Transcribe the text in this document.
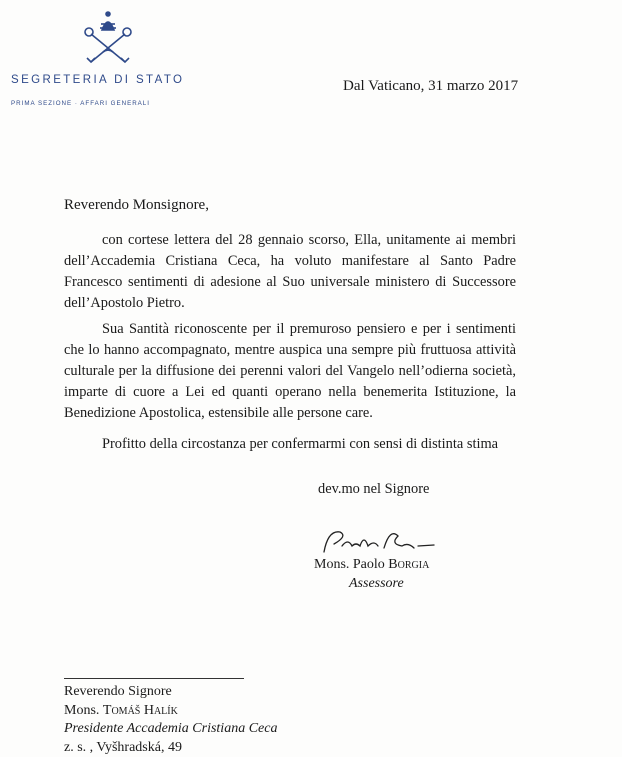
SEGRETERIA DI STATO
PRIMA SEZIONE · AFFARI GENERALI
Dal Vaticano, 31 marzo 2017
Reverendo Monsignore,

con cortese lettera del 28 gennaio scorso, Ella, unitamente ai membri dell’Accademia Cristiana Ceca, ha voluto manifestare al Santo Padre Francesco sentimenti di adesione al Suo universale ministero di Successore dell’Apostolo Pietro.

Sua Santità riconoscente per il premuroso pensiero e per i sentimenti che lo hanno accompagnato, mentre auspica una sempre più fruttuosa attività culturale per la diffusione dei perenni valori del Vangelo nell’odierna società, imparte di cuore a Lei ed quanti operano nella benemerita Istituzione, la Benedizione Apostolica, estensibile alle persone care.

Profitto della circostanza per confermarmi con sensi di distinta stima

dev.mo nel Signore
Mons. Paolo Borgia
Assessore
Reverendo Signore
Mons. Tomáš Halík
Presidente Accademia Cristiana Ceca
z. s. , Vyšhradská, 49
